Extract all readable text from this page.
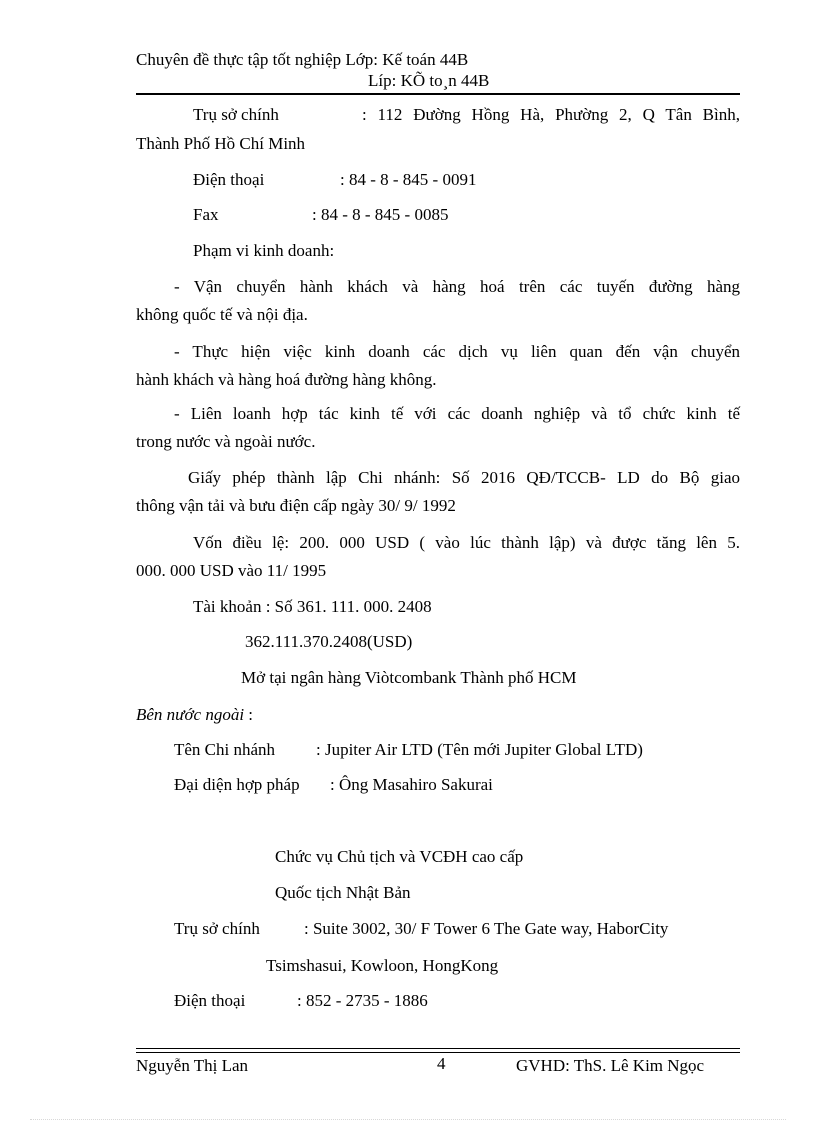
Chuyên đề thực tập tốt nghiệp Lớp: Kế toán 44B
Líp: KÕ to¸n 44B
Trụ sở chính	: 112 Đường Hồng Hà, Phường 2, Q Tân Bình,
Thành Phố Hồ Chí Minh
Điện thoại	: 84 - 8 - 845 - 0091
Fax	: 84 - 8 - 845 - 0085
Phạm vi kinh doanh:
- Vận chuyển hành khách và hàng hoá trên các tuyến đường hàng
không quốc tế và nội địa.
- Thực hiện việc kinh doanh các dịch vụ liên quan đến vận chuyển
hành khách và hàng hoá đường hàng không.
- Liên loanh hợp tác kinh tế với các doanh nghiệp và tổ chức kinh tế
trong nước và ngoài nước.
Giấy phép thành lập Chi nhánh: Số 2016 QĐ/TCCB- LD do Bộ giao
thông vận tải và bưu điện cấp ngày 30/ 9/ 1992
Vốn điều lệ: 200. 000 USD ( vào lúc thành lập) và được tăng lên 5.
000. 000 USD vào 11/ 1995
Tài khoản : Số 361. 111. 000. 2408
362.111.370.2408(USD)
Mở tại ngân hàng Viòtcombank Thành phố HCM
Bên nước ngoài :
Tên Chi nhánh : Jupiter Air LTD (Tên mới Jupiter Global LTD)
Đại diện hợp pháp : Ông Masahiro Sakurai
Chức vụ Chủ tịch và VCĐH cao cấp
Quốc tịch Nhật Bản
Trụ sở chính	: Suite 3002, 30/ F Tower 6 The Gate way, HaborCity
Tsimshasui, Kowloon, HongKong
Điện thoại	: 852 - 2735 - 1886
Nguyễn Thị Lan	4	GVHD: ThS. Lê Kim Ngọc
